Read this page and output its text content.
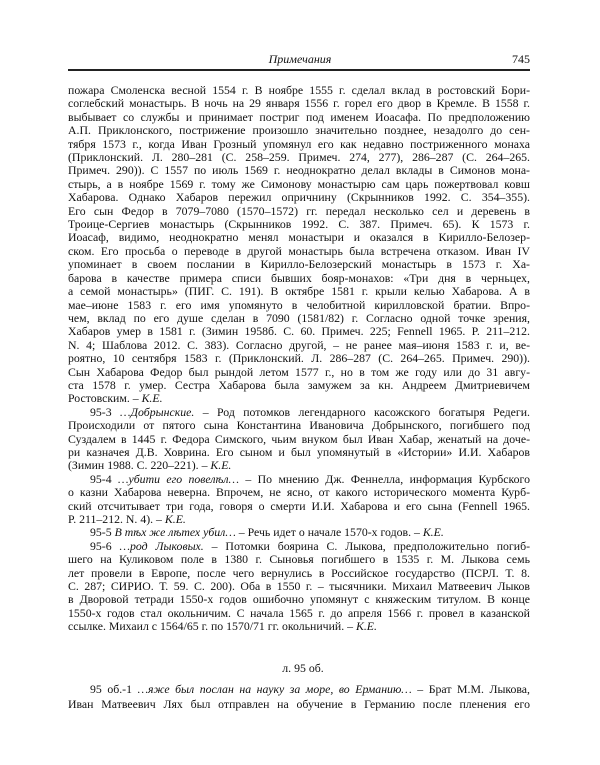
Примечания	745
пожара Смоленска весной 1554 г. В ноябре 1555 г. сделал вклад в ростовский Бори-
соглебский монастырь. В ночь на 29 января 1556 г. горел его двор в Кремле. В 1558 г.
выбывает со службы и принимает постриг под именем Иоасафа. По предположению
А.П. Приклонского, пострижение произошло значительно позднее, незадолго до сен-
тября 1573 г., когда Иван Грозный упомянул его как недавно постриженного монаха
(Приклонский. Л. 280–281 (С. 258–259. Примеч. 274, 277), 286–287 (С. 264–265.
Примеч. 290)). С 1557 по июль 1569 г. неоднократно делал вклады в Симонов мона-
стырь, а в ноябре 1569 г. тому же Симонову монастырю сам царь пожертвовал ковш
Хабарова. Однако Хабаров пережил опричнину (Скрынников 1992. С. 354–355).
Его сын Федор в 7079–7080 (1570–1572) гг. передал несколько сел и деревень в
Троице-Сергиев монастырь (Скрынников 1992. С. 387. Примеч. 65). К 1573 г.
Иоасаф, видимо, неоднократно менял монастыри и оказался в Кирилло-Белозер-
ском. Его просьба о переводе в другой монастырь была встречена отказом. Иван IV
упоминает в своем послании в Кирилло-Белозерский монастырь в 1573 г. Ха-
барова в качестве примера списи бывших бояр-монахов: «Три дня в черньцех,
а семой монастырь» (ПИГ. С. 191). В октябре 1581 г. крыли келью Хабарова. А в
мае–июне 1583 г. его имя упомянуто в челобитной кирилловской братии. Впро-
чем, вклад по его душе сделан в 7090 (1581/82) г. Согласно одной точке зрения,
Хабаров умер в 1581 г. (Зимин 1958б. С. 60. Примеч. 225; Fennell 1965. P. 211–212.
N. 4; Шаблова 2012. С. 383). Согласно другой, – не ранее мая–июня 1583 г. и, ве-
роятно, 10 сентября 1583 г. (Приклонский. Л. 286–287 (С. 264–265. Примеч. 290)).
Сын Хабарова Федор был рындой летом 1577 г., но в том же году или до 31 авгу-
ста 1578 г. умер. Сестра Хабарова была замужем за кн. Андреем Дмитриевичем
Ростовским. – К.Е.
95-3 …Добрынские. – Род потомков легендарного касожского богатыря Редеги.
Происходили от пятого сына Константина Ивановича Добрынского, погибшего под
Суздалем в 1445 г. Федора Симского, чьим внуком был Иван Хабар, женатый на доче-
ри казначея Д.В. Ховрина. Его сыном и был упомянутый в «Истории» И.И. Хабаров
(Зимин 1988. С. 220–221). – К.Е.
95-4 …убити его повелѣл… – По мнению Дж. Феннелла, информация Курбского
о казни Хабарова неверна. Впрочем, не ясно, от какого исторического момента Курб-
ский отсчитывает три года, говоря о смерти И.И. Хабарова и его сына (Fennell 1965.
P. 211–212. N. 4). – К.Е.
95-5 В тѣх же лѣтех убил… – Речь идет о начале 1570-х годов. – К.Е.
95-6 …род Лыковых. – Потомки боярина С. Лыкова, предположительно погиб-
шего на Куликовом поле в 1380 г. Сыновья погибшего в 1535 г. М. Лыкова семь
лет провели в Европе, после чего вернулись в Российское государство (ПСРЛ. Т. 8.
С. 287; СИРИО. Т. 59. С. 200). Оба в 1550 г. – тысячники. Михаил Матвеевич Лыков
в Дворовой тетради 1550-х годов ошибочно упомянут с княжеским титулом. В конце
1550-х годов стал окольничим. С начала 1565 г. до апреля 1566 г. провел в казанской
ссылке. Михаил с 1564/65 г. по 1570/71 гг. окольничий. – К.Е.
л. 95 об.
95 об.-1 …яже был послан на науку за море, во Ерманию… – Брат М.М. Лыкова,
Иван Матвеевич Лях был отправлен на обучение в Германию после пленения его
